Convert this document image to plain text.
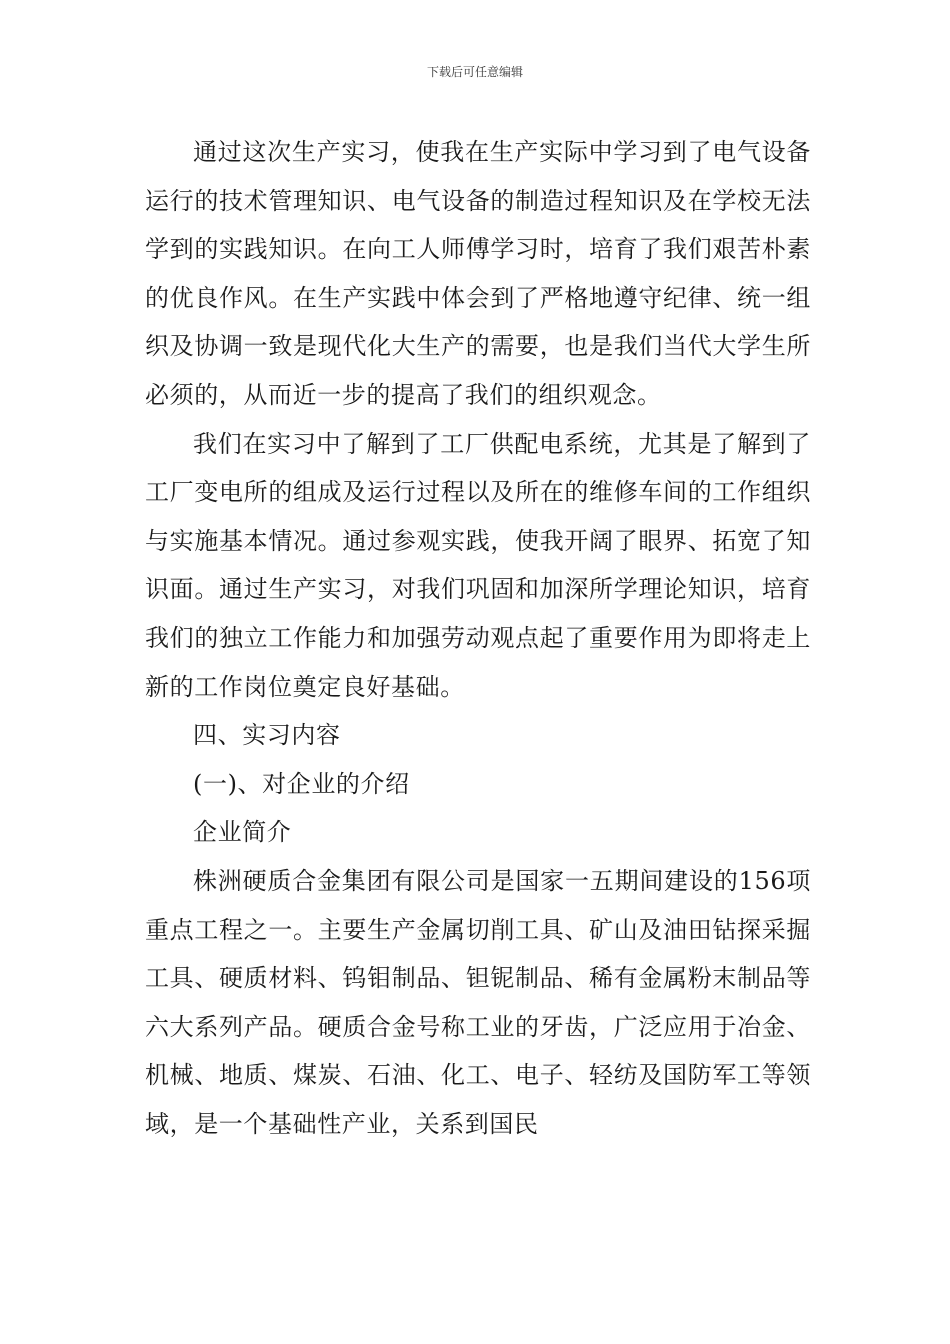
下载后可任意编辑

通过这次生产实习，使我在生产实际中学习到了电气设备运行的技术管理知识、电气设备的制造过程知识及在学校无法学到的实践知识。在向工人师傅学习时，培育了我们艰苦朴素的优良作风。在生产实践中体会到了严格地遵守纪律、统一组织及协调一致是现代化大生产的需要，也是我们当代大学生所必须的，从而近一步的提高了我们的组织观念。

我们在实习中了解到了工厂供配电系统，尤其是了解到了工厂变电所的组成及运行过程以及所在的维修车间的工作组织与实施基本情况。通过参观实践，使我开阔了眼界、拓宽了知识面。通过生产实习，对我们巩固和加深所学理论知识，培育我们的独立工作能力和加强劳动观点起了重要作用为即将走上新的工作岗位奠定良好基础。

四、实习内容

(一)、对企业的介绍

企业简介

株洲硬质合金集团有限公司是国家一五期间建设的156项重点工程之一。主要生产金属切削工具、矿山及油田钻探采掘工具、硬质材料、钨钼制品、钽铌制品、稀有金属粉末制品等六大系列产品。硬质合金号称工业的牙齿，广泛应用于冶金、机械、地质、煤炭、石油、化工、电子、轻纺及国防军工等领域，是一个基础性产业，关系到国民
